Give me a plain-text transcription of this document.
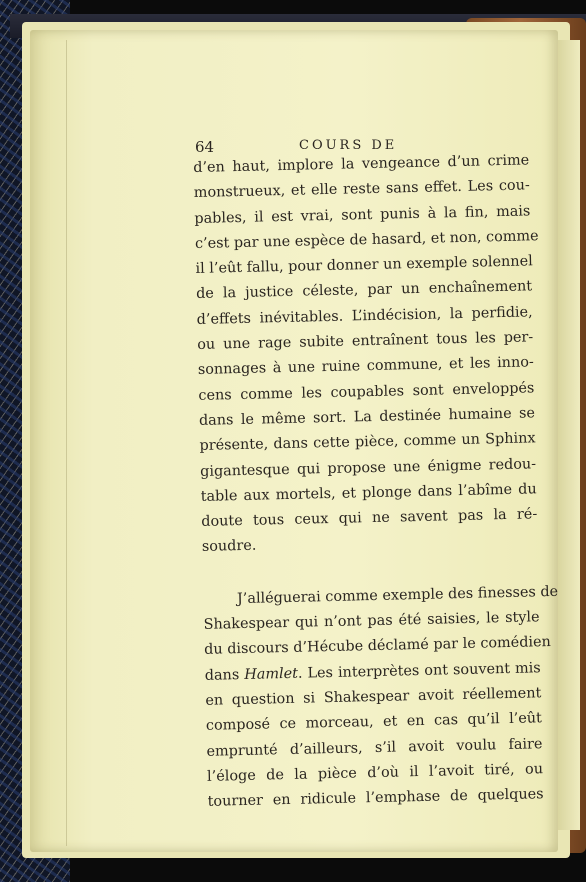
64	COURS DE
d’en haut, implore la vengeance d’un crime
monstrueux, et elle reste sans effet. Les cou-
pables, il est vrai, sont punis à la fin, mais
c’est par une espèce de hasard, et non, comme
il l’eût fallu, pour donner un exemple solennel
de la justice céleste, par un enchaînement
d’effets inévitables. L’indécision, la perfidie,
ou une rage subite entraînent tous les per-
sonnages à une ruine commune, et les inno-
cens comme les coupables sont enveloppés
dans le même sort. La destinée humaine se
présente, dans cette pièce, comme un Sphinx
gigantesque qui propose une énigme redou-
table aux mortels, et plonge dans l’abîme du
doute tous ceux qui ne savent pas la ré-
soudre.
J’alléguerai comme exemple des finesses de
Shakespear qui n’ont pas été saisies, le style
du discours d’Hécube déclamé par le comédien
dans Hamlet. Les interprètes ont souvent mis
en question si Shakespear avoit réellement
composé ce morceau, et en cas qu’il l’eût
emprunté d’ailleurs, s’il avoit voulu faire
l’éloge de la pièce d’où il l’avoit tiré, ou
tourner en ridicule l’emphase de quelques
